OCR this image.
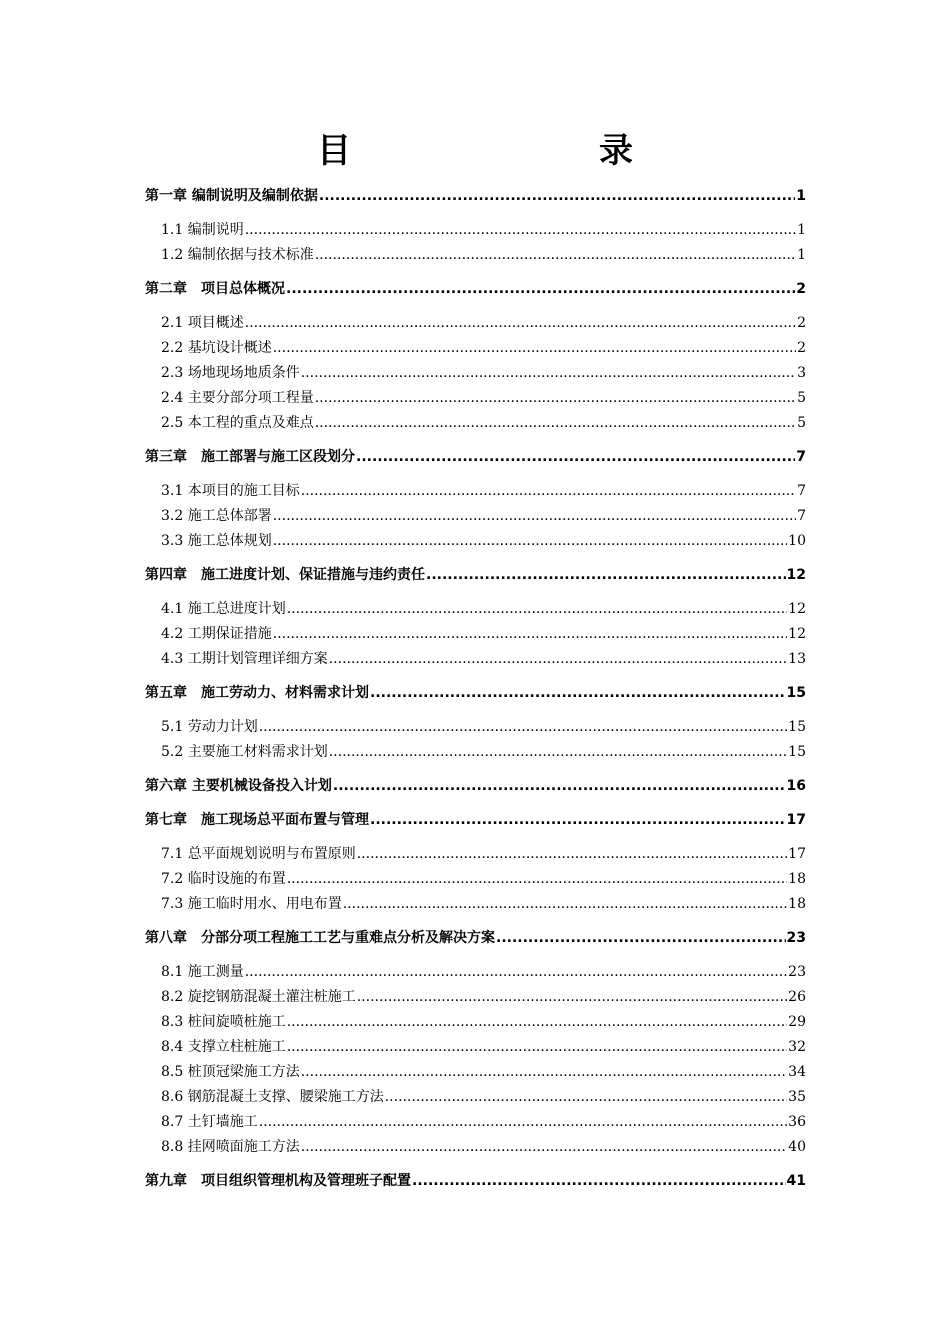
目　　录
第一章 编制说明及编制依据 .....	1
1.1 编制说明 .....	1
1.2 编制依据与技术标准 .....	1
第二章　项目总体概况 .....	2
2.1 项目概述 .....	2
2.2 基坑设计概述 .....	2
2.3 场地现场地质条件 .....	3
2.4 主要分部分项工程量 .....	5
2.5 本工程的重点及难点 .....	5
第三章　施工部署与施工区段划分 .....	7
3.1 本项目的施工目标 .....	7
3.2 施工总体部署 .....	7
3.3 施工总体规划 .....	10
第四章　施工进度计划、保证措施与违约责任 .....	12
4.1 施工总进度计划 .....	12
4.2 工期保证措施 .....	12
4.3 工期计划管理详细方案 .....	13
第五章　施工劳动力、材料需求计划 .....	15
5.1 劳动力计划 .....	15
5.2 主要施工材料需求计划 .....	15
第六章 主要机械设备投入计划 .....	16
第七章　施工现场总平面布置与管理 .....	17
7.1 总平面规划说明与布置原则 .....	17
7.2 临时设施的布置 .....	18
7.3 施工临时用水、用电布置 .....	18
第八章　分部分项工程施工工艺与重难点分析及解决方案 .....	23
8.1 施工测量 .....	23
8.2 旋挖钢筋混凝土灌注桩施工 .....	26
8.3 桩间旋喷桩施工 .....	29
8.4 支撑立柱桩施工 .....	32
8.5 桩顶冠梁施工方法 .....	34
8.6 钢筋混凝土支撑、腰梁施工方法 .....	35
8.7 土钉墙施工 .....	36
8.8 挂网喷面施工方法 .....	40
第九章　项目组织管理机构及管理班子配置 .....	41
